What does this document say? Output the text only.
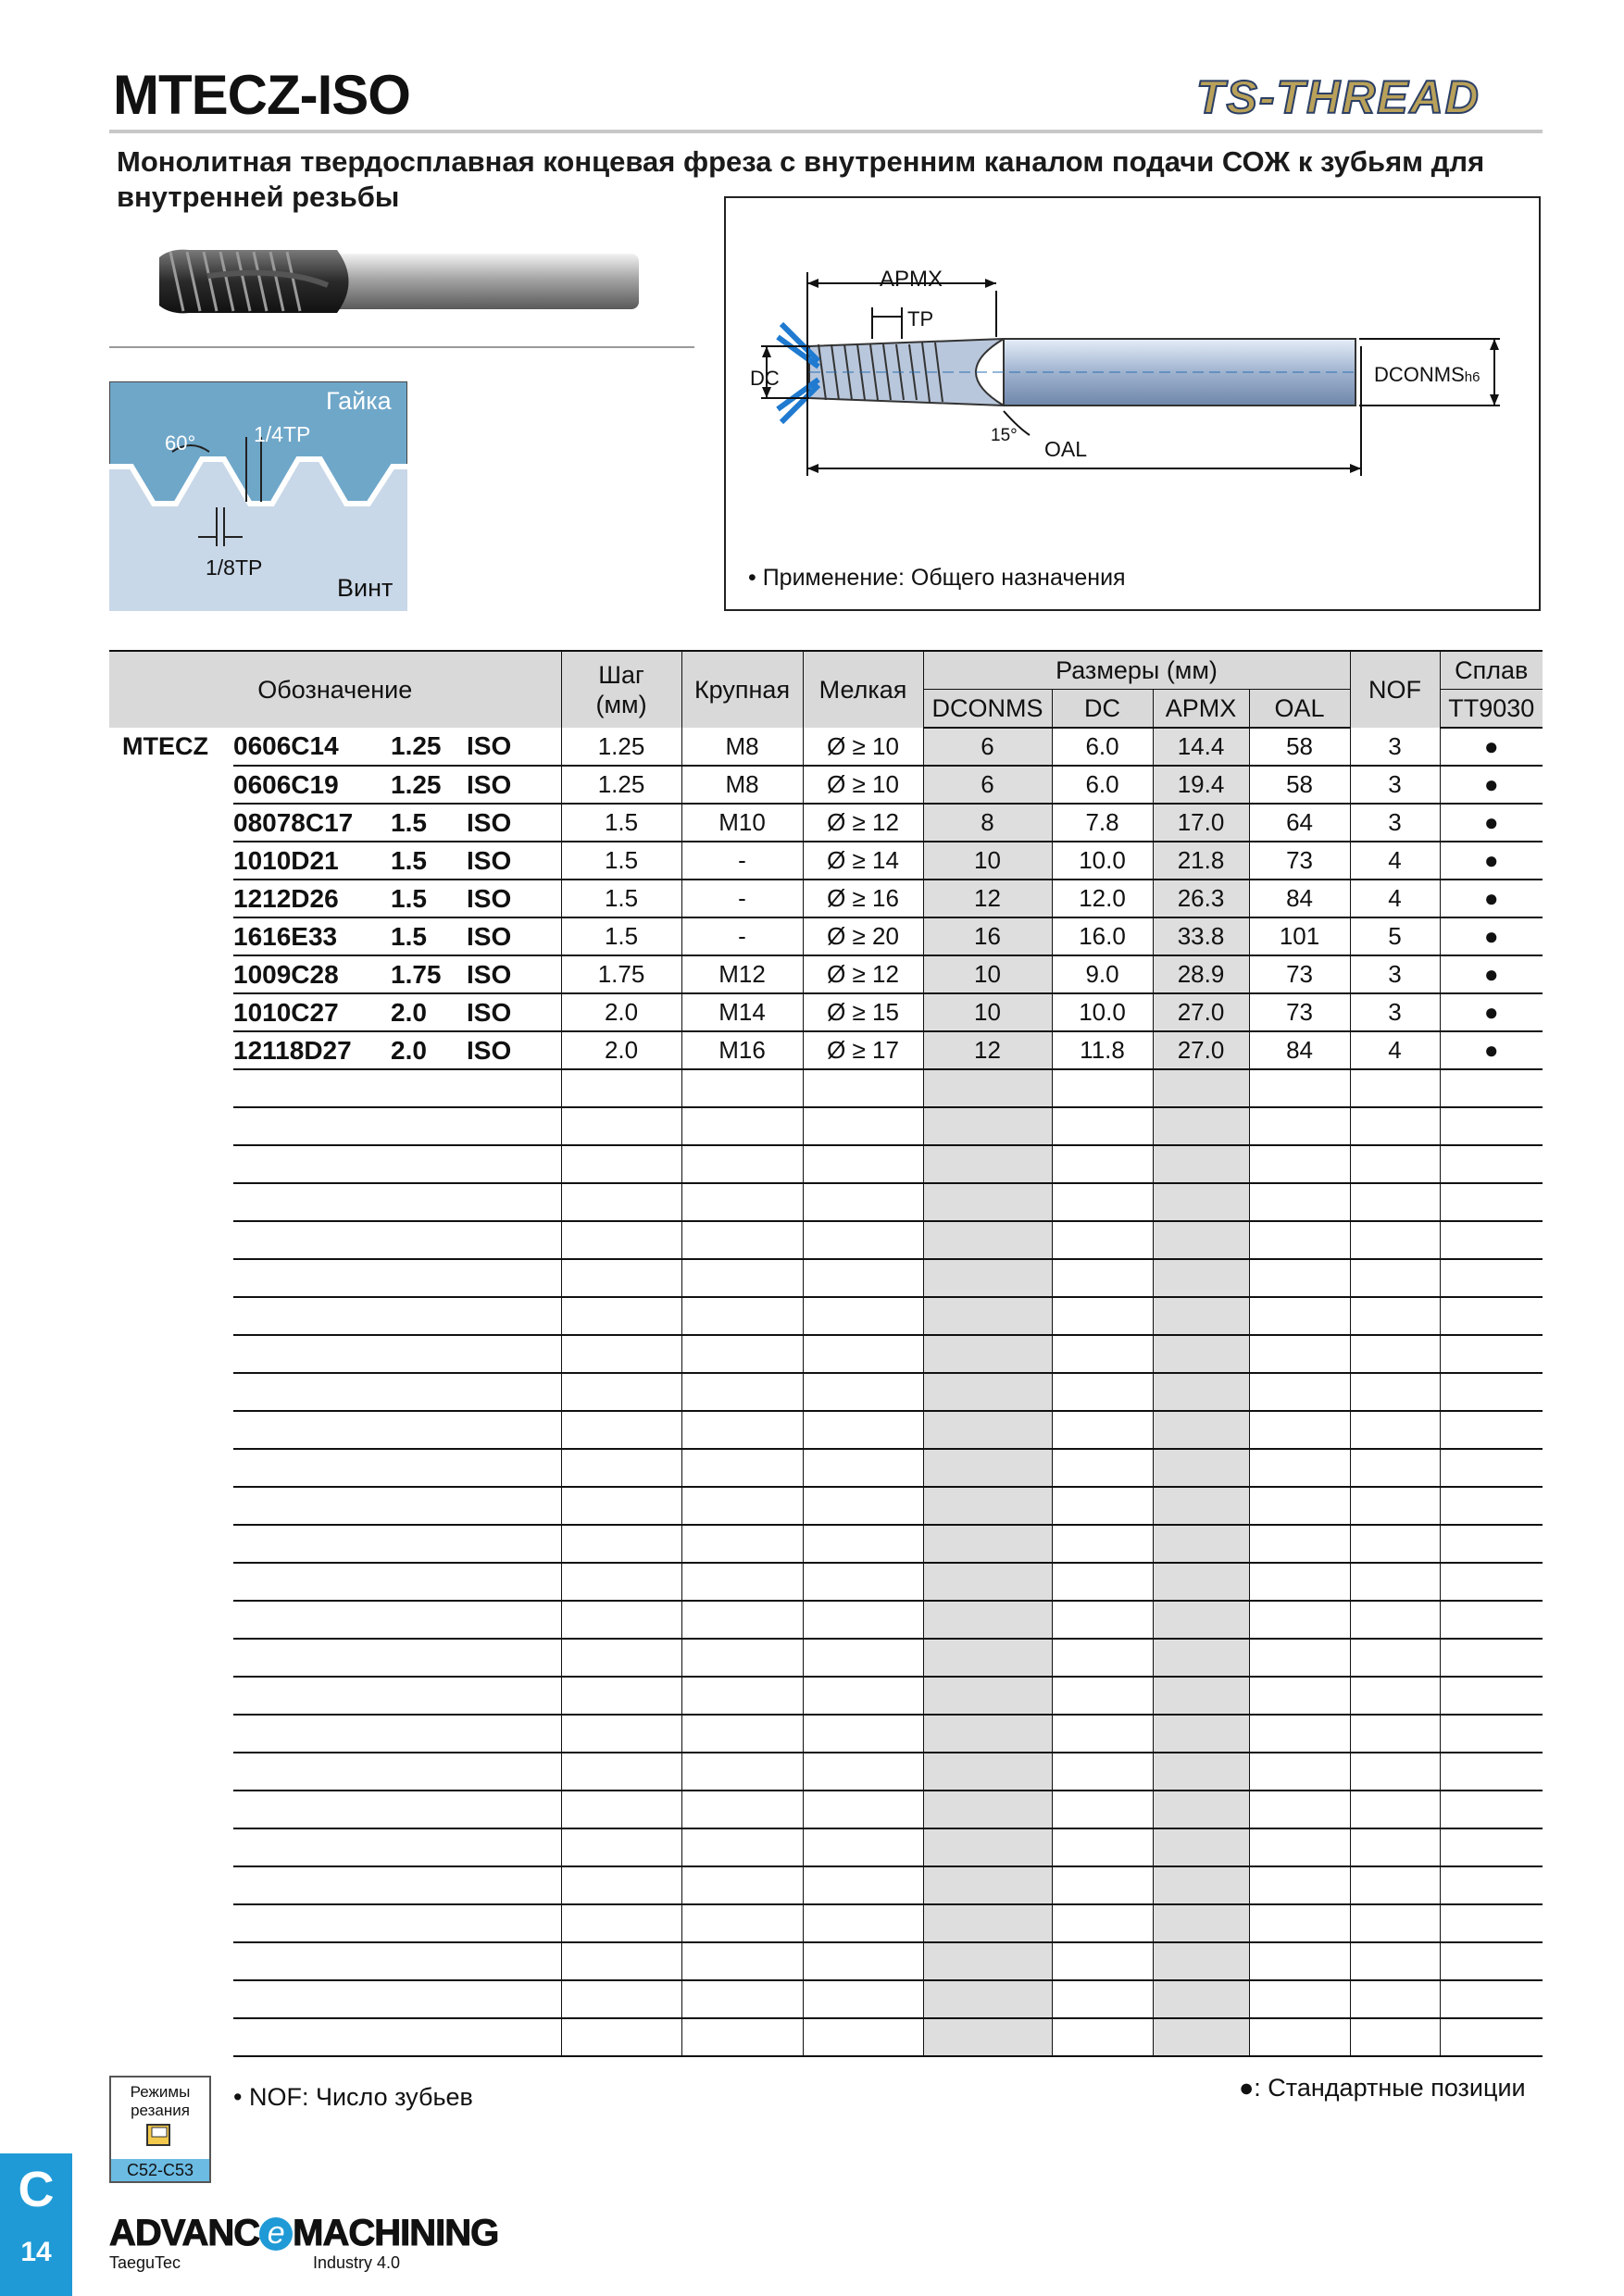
MTECZ-ISO	TS-THREAD
Монолитная твердосплавная концевая фреза с внутренним каналом подачи СОЖ к зубьям для внутренней резьбы
Гайка
60°	1/4TP
1/8TP
Винт
APMX
TP
DC	DCONMSh6
15°
OAL
• Применение: Общего назначения
Обозначение		Шаг
(мм)	Крупная	Мелкая	Размеры (мм)				NOF	Сплав
					DCONMS	DC	APMX	OAL		TT9030
MTECZ	0606C14 1.25 ISO	1.25	M8	Ø ≥ 10	6	6.0	14.4	58	3	●
	0606C19 1.25 ISO	1.25	M8	Ø ≥ 10	6	6.0	19.4	58	3	●
	08078C17 1.5 ISO	1.5	M10	Ø ≥ 12	8	7.8	17.0	64	3	●
	1010D21 1.5 ISO	1.5	-	Ø ≥ 14	10	10.0	21.8	73	4	●
	1212D26 1.5 ISO	1.5	-	Ø ≥ 16	12	12.0	26.3	84	4	●
	1616E33 1.5 ISO	1.5	-	Ø ≥ 20	16	16.0	33.8	101	5	●
	1009C28 1.75 ISO	1.75	M12	Ø ≥ 12	10	9.0	28.9	73	3	●
	1010C27 2.0 ISO	2.0	M14	Ø ≥ 15	10	10.0	27.0	73	3	●
	12118D27 2.0 ISO	2.0	M16	Ø ≥ 17	12	11.8	27.0	84	4	●

Режимы
резания
C52-C53
• NOF: Число зубьев	●: Стандартные позиции
C
14	ADVANC e MACHINING
TaeguTec	Industry 4.0
